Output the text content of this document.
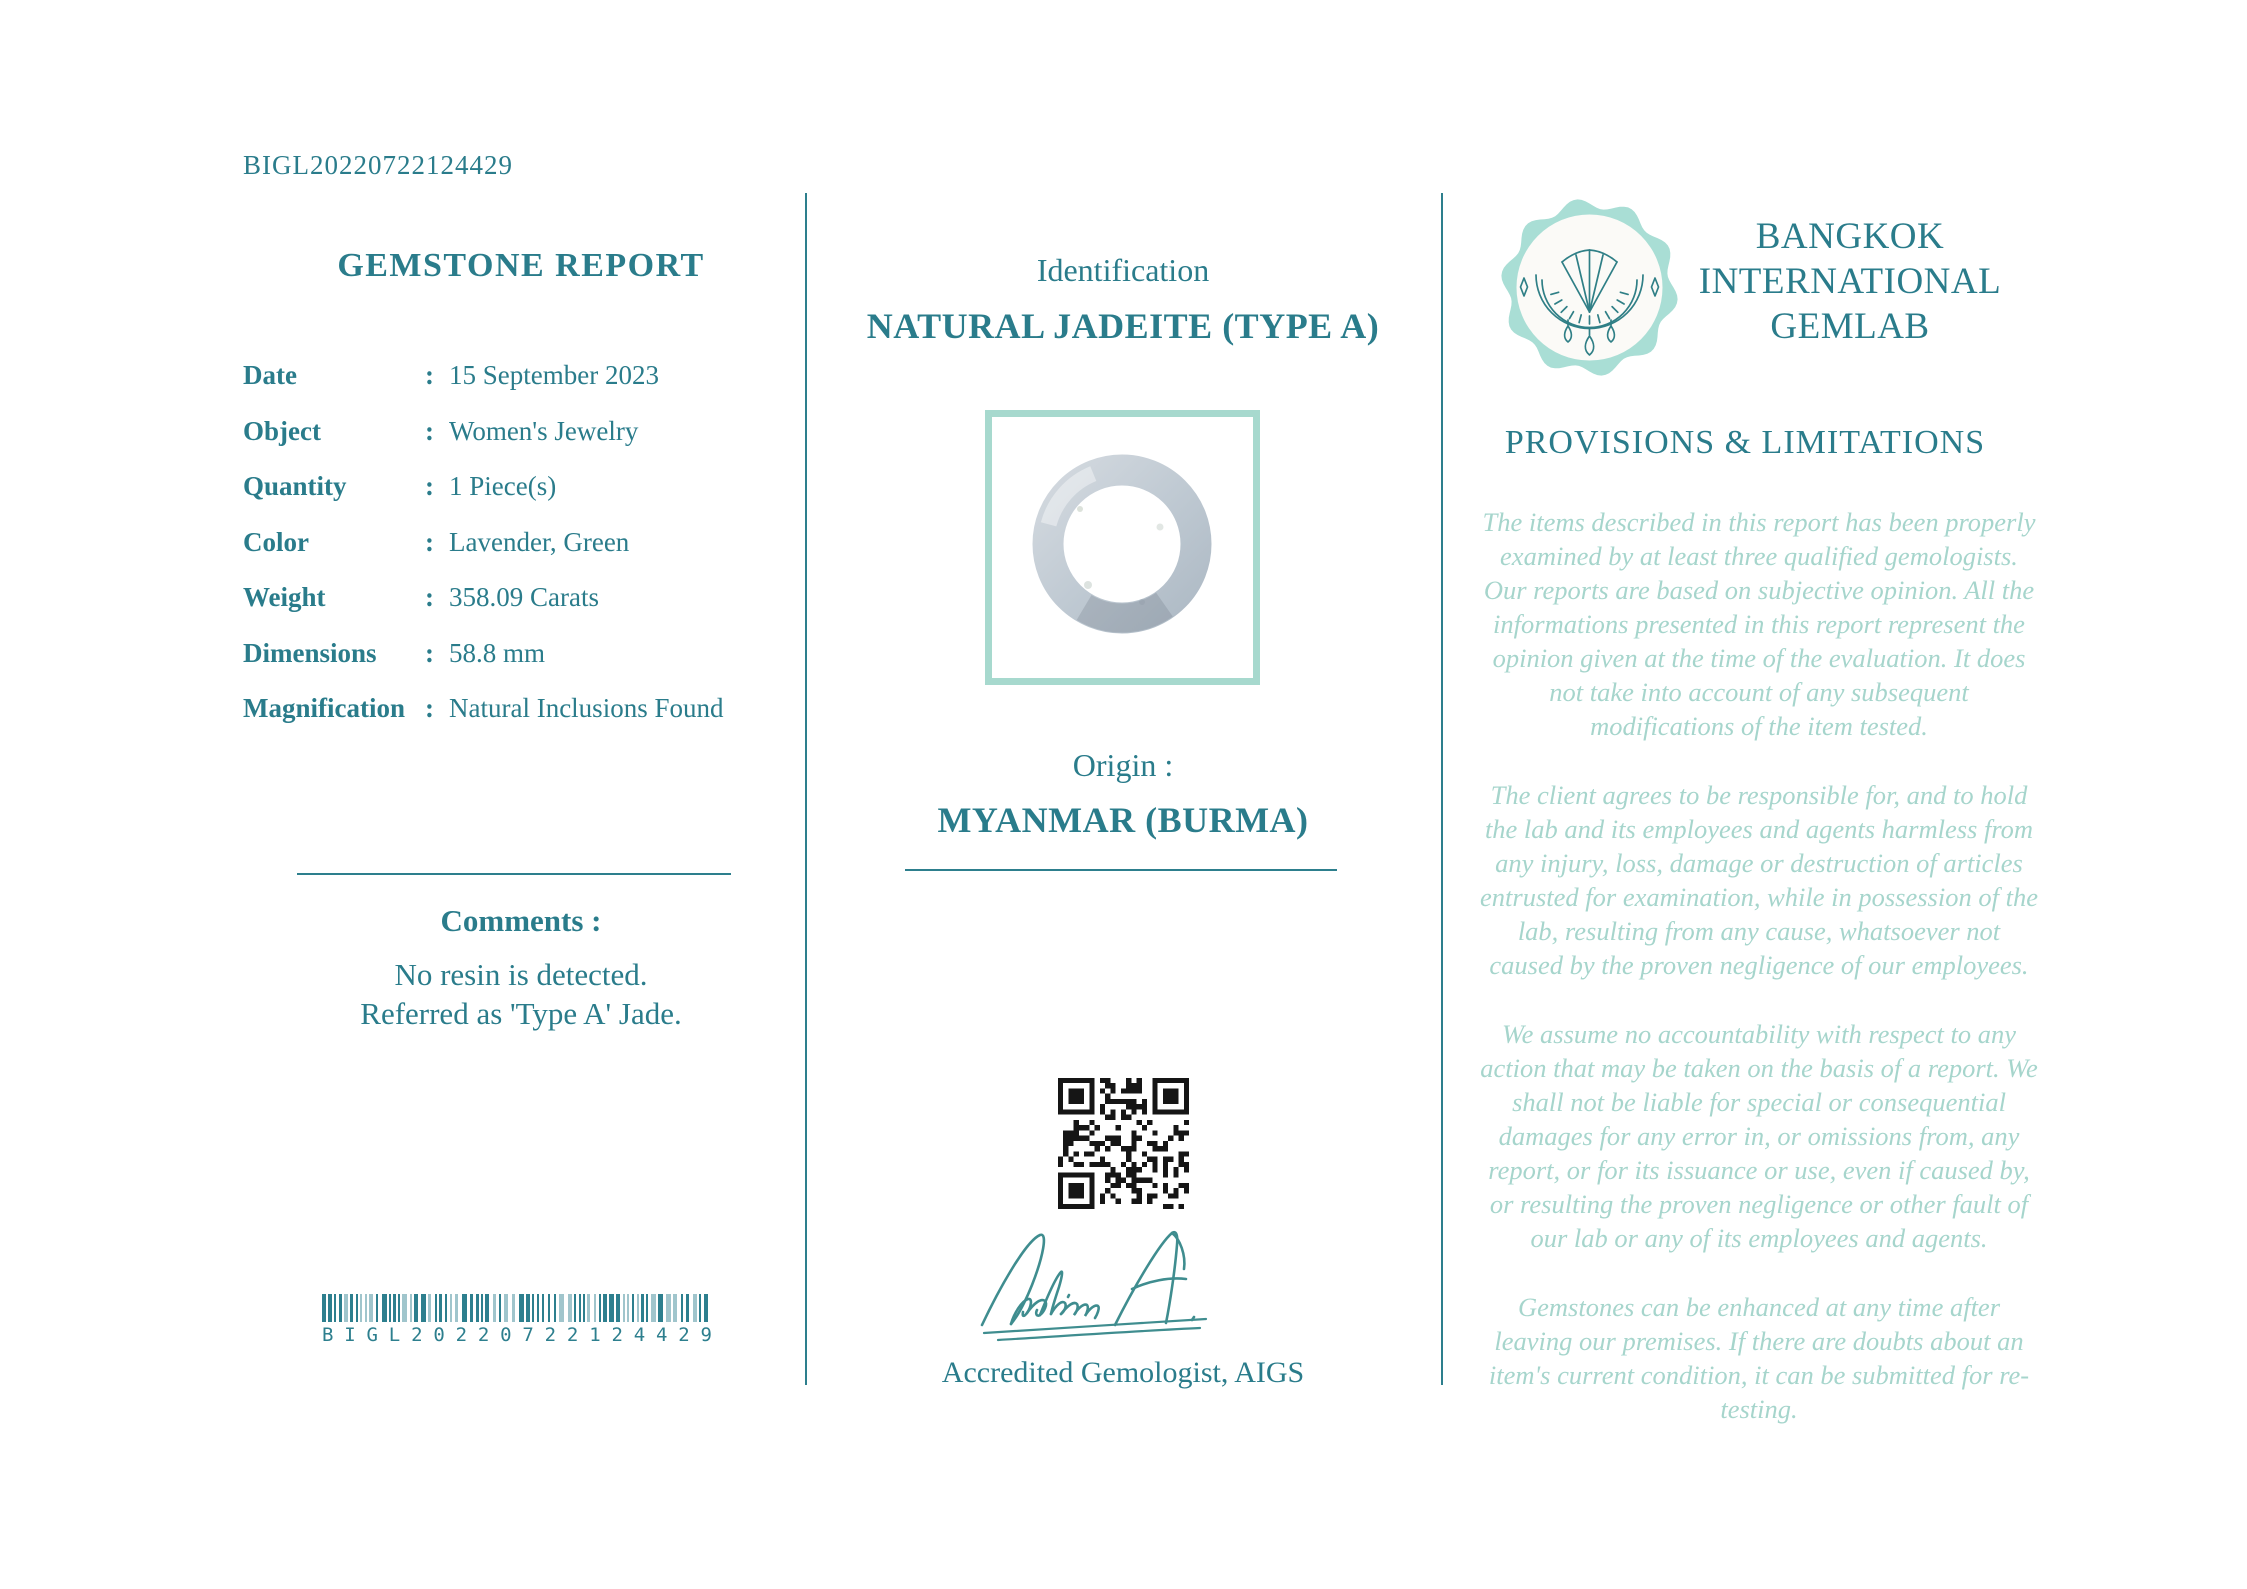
BIGL20220722124429
GEMSTONE REPORT
Date	: 15 September 2023
Object	: Women's Jewelry
Quantity	: 1 Piece(s)
Color	: Lavender, Green
Weight	: 358.09 Carats
Dimensions	: 58.8 mm
Magnification : Natural Inclusions Found
Comments :
No resin is detected.
Referred as 'Type A' Jade.
B I G L 2 0 2 2 0 7 2 2 1 2 4 4 2 9
Identification
NATURAL JADEITE (TYPE A)
Origin :
MYANMAR (BURMA)
Accredited Gemologist, AIGS
BANGKOK
INTERNATIONAL
GEMLAB
PROVISIONS & LIMITATIONS

The items described in this report has been properly examined by at least three qualified gemologists. Our reports are based on subjective opinion. All the informations presented in this report represent the opinion given at the time of the evaluation. It does not take into account of any subsequent modifications of the item tested.

The client agrees to be responsible for, and to hold the lab and its employees and agents harmless from any injury, loss, damage or destruction of articles entrusted for examination, while in possession of the lab, resulting from any cause, whatsoever not caused by the proven negligence of our employees.

We assume no accountability with respect to any action that may be taken on the basis of a report. We shall not be liable for special or consequential damages for any error in, or omissions from, any report, or for its issuance or use, even if caused by, or resulting the proven negligence or other fault of our lab or any of its employees and agents.

Gemstones can be enhanced at any time after leaving our premises. If there are doubts about an item's current condition, it can be submitted for re-testing.
